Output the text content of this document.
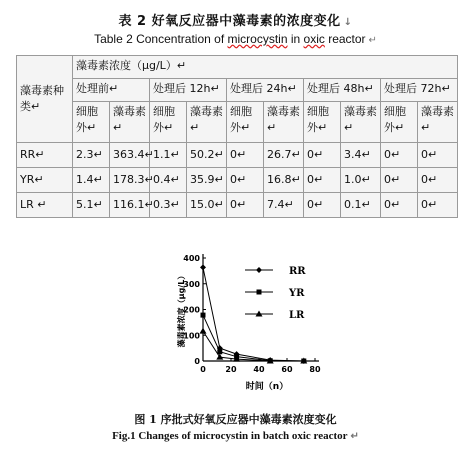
表 2 好氧反应器中藻毒素的浓度变化 ↓
Table 2 Concentration of microcystin in oxic reactor ↵
藻毒素种类↵	藻毒素浓度（μg/L）↵									
	处理前↵		处理后 12h↵		处理后 24h↵		处理后 48h↵		处理后 72h↵	
	细胞外↵	藻毒素↵	细胞外↵	藻毒素↵	细胞外↵	藻毒素↵	细胞外↵	藻毒素↵	细胞外↵	藻毒素↵
RR↵	2.3↵	363.4↵	1.1↵	50.2↵	0↵	26.7↵	0↵	3.4↵	0↵	0↵
YR↵	1.4↵	178.3↵	0.4↵	35.9↵	0↵	16.8↵	0↵	1.0↵	0↵	0↵
LR ↵	5.1↵	116.1↵	0.3↵	15.0↵	0↵	7.4↵	0↵	0.1↵	0↵	0↵
0
100
200
300
400
0 20 40 60 80
时间（n）
藻毒素浓度（μg/L）
RR
YR
LR
图 1 序批式好氧反应器中藻毒素浓度变化
Fig.1 Changes of microcystin in batch oxic reactor ↵
